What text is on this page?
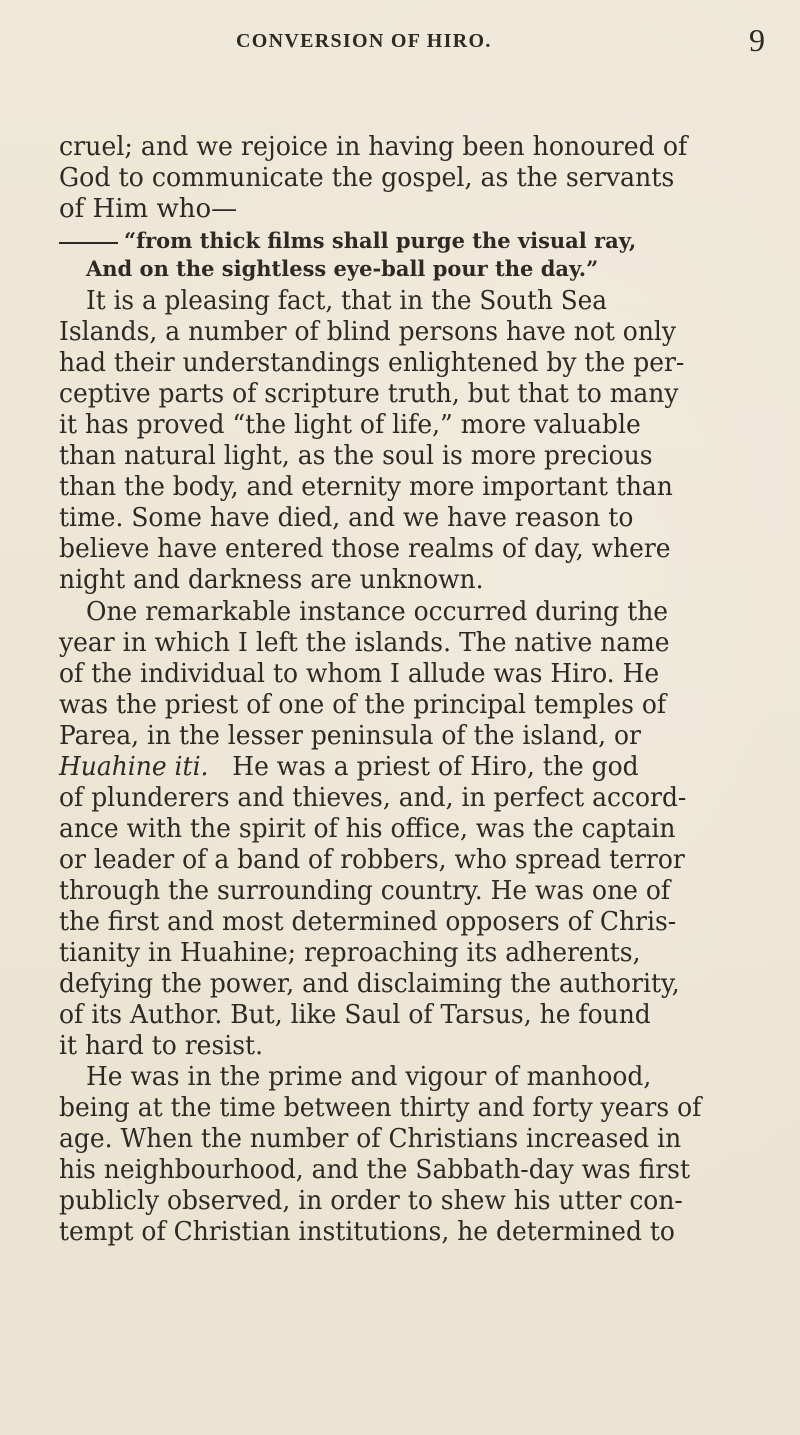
CONVERSION OF HIRO.	9
cruel; and we rejoice in having been honoured of
God to communicate the gospel, as the servants
of Him who—
“from thick films shall purge the visual ray,
And on the sightless eye-ball pour the day.”
It is a pleasing fact, that in the South Sea
Islands, a number of blind persons have not only
had their understandings enlightened by the per-
ceptive parts of scripture truth, but that to many
it has proved “the light of life,” more valuable
than natural light, as the soul is more precious
than the body, and eternity more important than
time. Some have died, and we have reason to
believe have entered those realms of day, where
night and darkness are unknown.
One remarkable instance occurred during the
year in which I left the islands. The native name
of the individual to whom I allude was Hiro. He
was the priest of one of the principal temples of
Parea, in the lesser peninsula of the island, or
Huahine iti. He was a priest of Hiro, the god
of plunderers and thieves, and, in perfect accord-
ance with the spirit of his office, was the captain
or leader of a band of robbers, who spread terror
through the surrounding country. He was one of
the first and most determined opposers of Chris-
tianity in Huahine; reproaching its adherents,
defying the power, and disclaiming the authority,
of its Author. But, like Saul of Tarsus, he found
it hard to resist.
He was in the prime and vigour of manhood,
being at the time between thirty and forty years of
age. When the number of Christians increased in
his neighbourhood, and the Sabbath-day was first
publicly observed, in order to shew his utter con-
tempt of Christian institutions, he determined to
